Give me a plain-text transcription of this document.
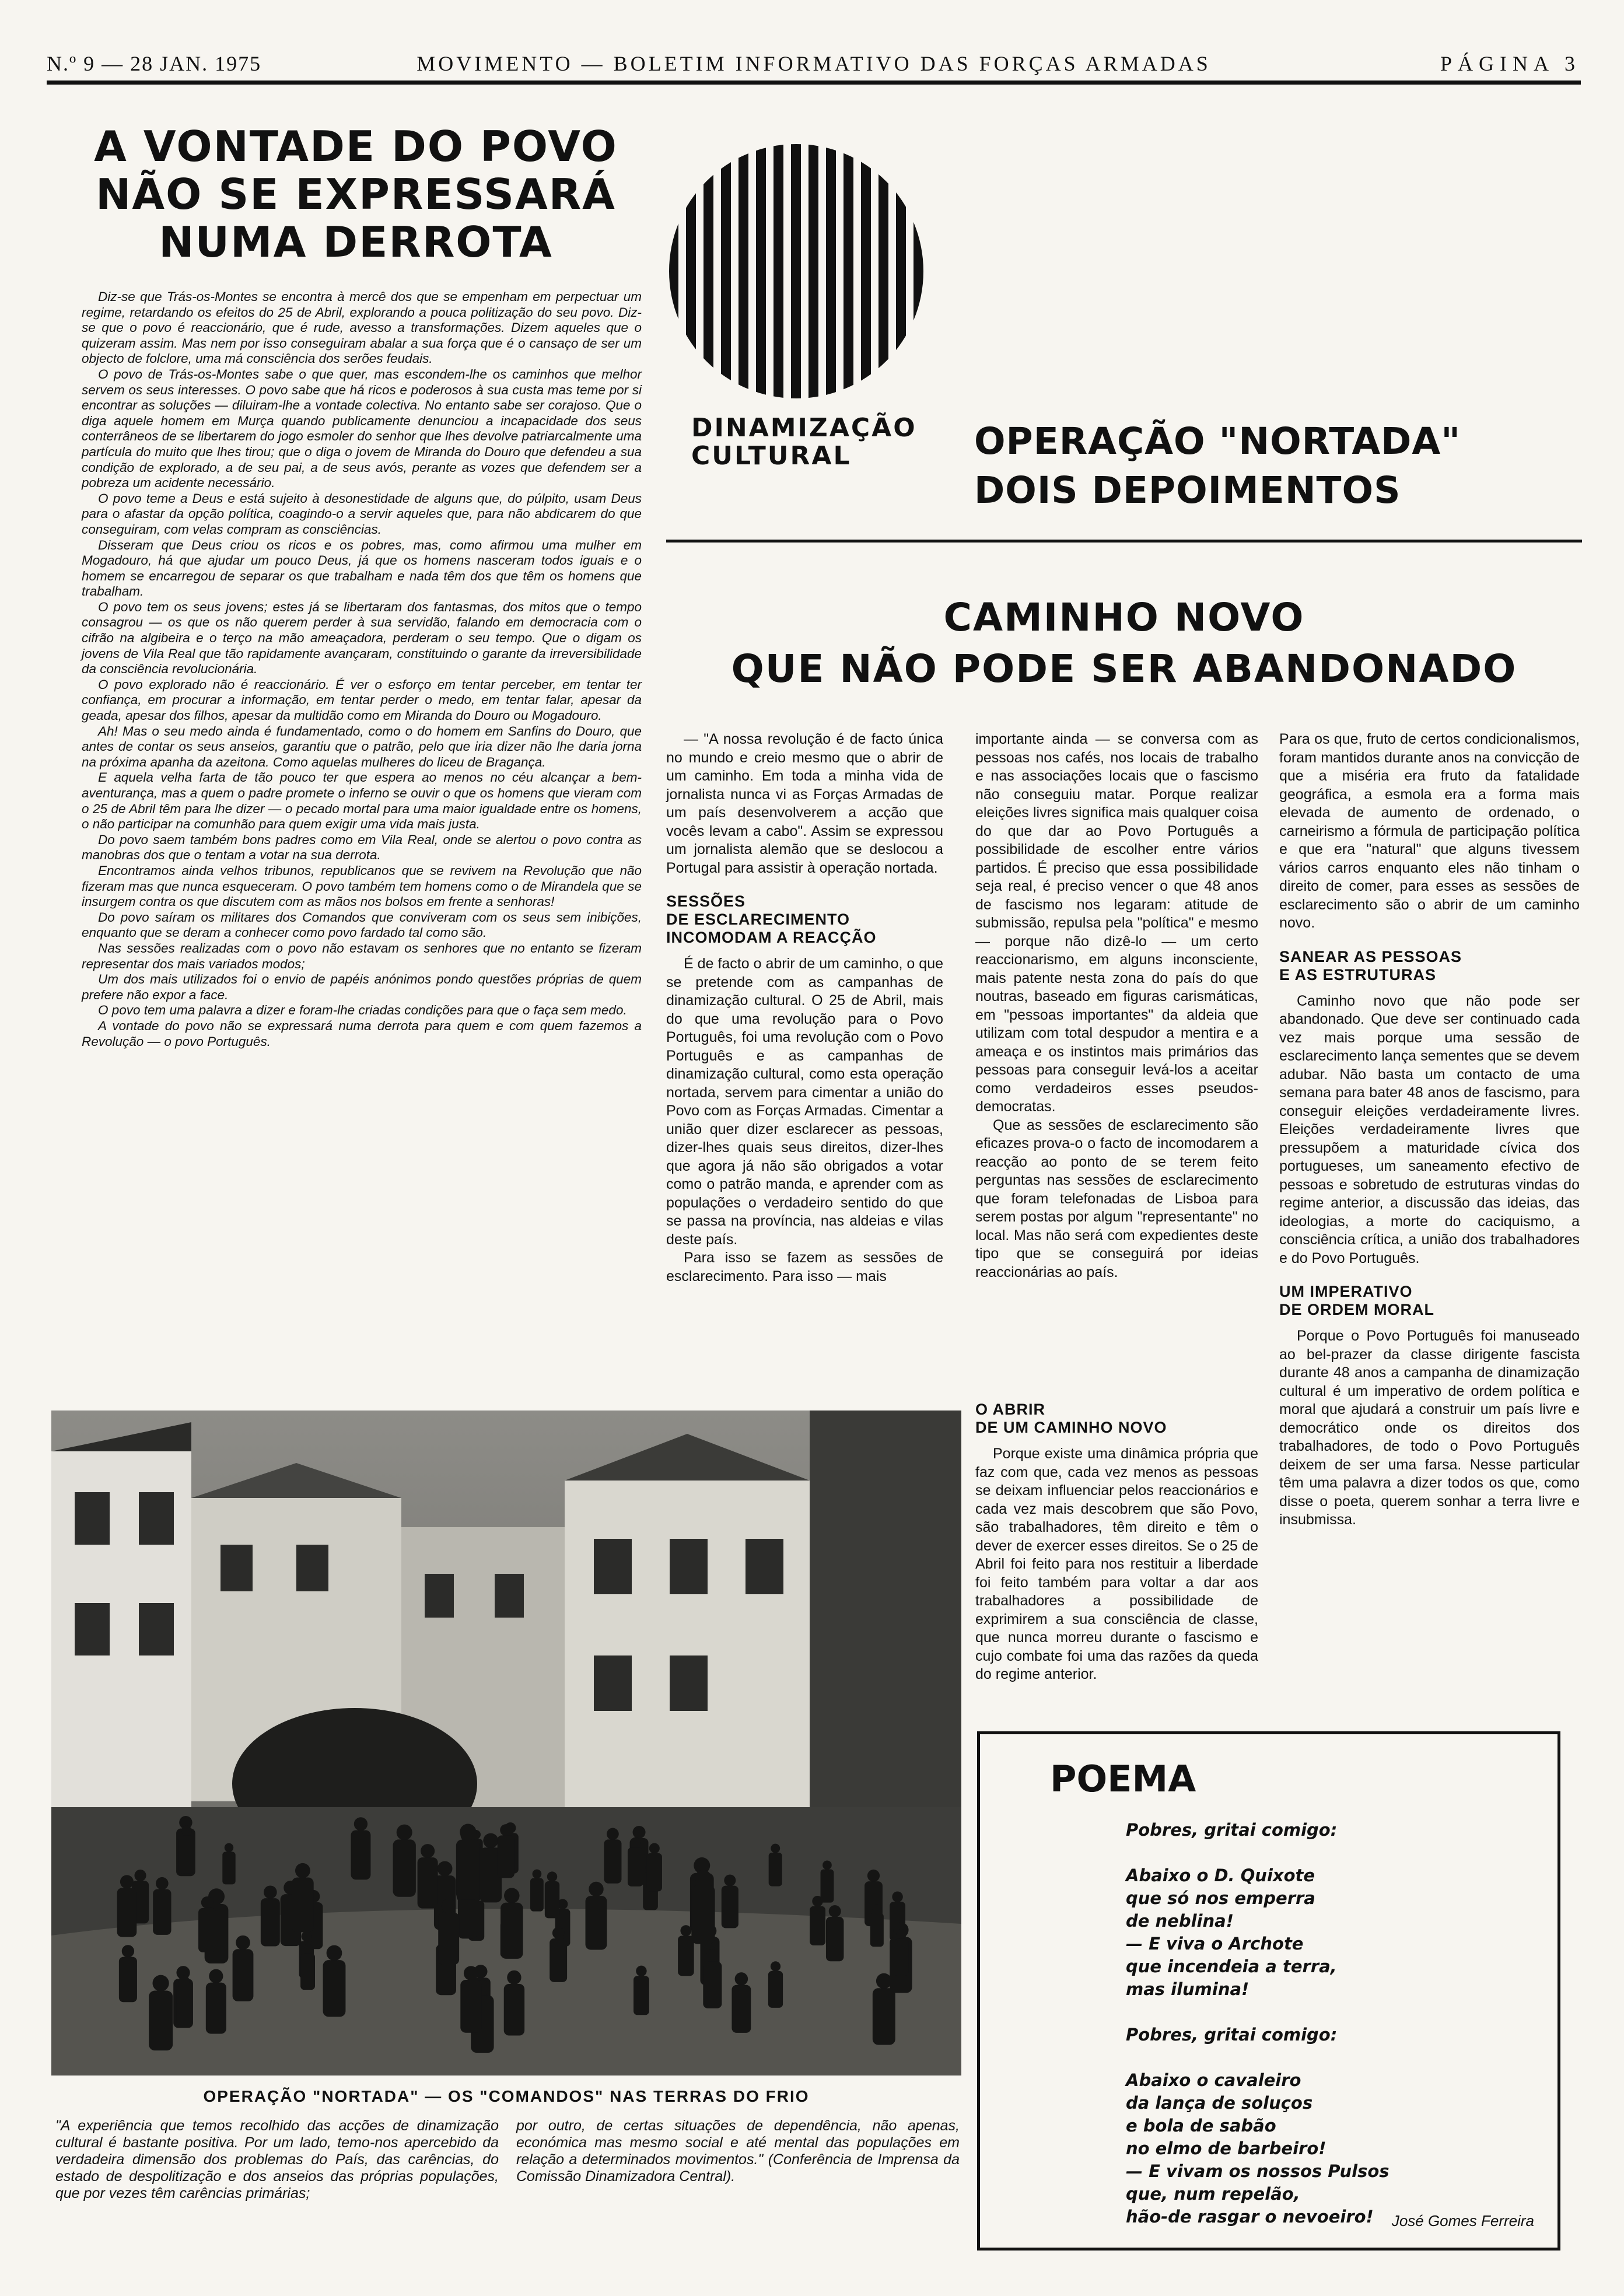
N.º 9 — 28 JAN. 1975	MOVIMENTO — BOLETIM INFORMATIVO DAS FORÇAS ARMADAS	PÁGINA 3
A VONTADE DO POVO
NÃO SE EXPRESSARÁ
NUMA DERROTA

Diz-se que Trás-os-Montes se encontra à mercê dos que se empenham em perpectuar um regime, retardando os efeitos do 25 de Abril, explorando a pouca politização do seu povo. Diz-se que o povo é reaccionário, que é rude, avesso a transformações. Dizem aqueles que o quizeram assim. Mas nem por isso conseguiram abalar a sua força que é o cansaço de ser um objecto de folclore, uma má consciência dos serões feudais.

O povo de Trás-os-Montes sabe o que quer, mas escondem-lhe os caminhos que melhor servem os seus interesses. O povo sabe que há ricos e poderosos à sua custa mas teme por si encontrar as soluções — diluiram-lhe a vontade colectiva. No entanto sabe ser corajoso. Que o diga aquele homem em Murça quando publicamente denunciou a incapacidade dos seus conterrâneos de se libertarem do jogo esmoler do senhor que lhes devolve patriarcalmente uma partícula do muito que lhes tirou; que o diga o jovem de Miranda do Douro que defendeu a sua condição de explorado, a de seu pai, a de seus avós, perante as vozes que defendem ser a pobreza um acidente necessário.

O povo teme a Deus e está sujeito à desonestidade de alguns que, do púlpito, usam Deus para o afastar da opção política, coagindo-o a servir aqueles que, para não abdicarem do que conseguiram, com velas compram as consciências.

Disseram que Deus criou os ricos e os pobres, mas, como afirmou uma mulher em Mogadouro, há que ajudar um pouco Deus, já que os homens nasceram todos iguais e o homem se encarregou de separar os que trabalham e nada têm dos que têm os homens que trabalham.

O povo tem os seus jovens; estes já se libertaram dos fantasmas, dos mitos que o tempo consagrou — os que os não querem perder à sua servidão, falando em democracia com o cifrão na algibeira e o terço na mão ameaçadora, perderam o seu tempo. Que o digam os jovens de Vila Real que tão rapidamente avançaram, constituindo o garante da irreversibilidade da consciência revolucionária.

O povo explorado não é reaccionário. É ver o esforço em tentar perceber, em tentar ter confiança, em procurar a informação, em tentar perder o medo, em tentar falar, apesar da geada, apesar dos filhos, apesar da multidão como em Miranda do Douro ou Mogadouro.

Ah! Mas o seu medo ainda é fundamentado, como o do homem em Sanfins do Douro, que antes de contar os seus anseios, garantiu que o patrão, pelo que iria dizer não lhe daria jorna na próxima apanha da azeitona. Como aquelas mulheres do liceu de Bragança.

E aquela velha farta de tão pouco ter que espera ao menos no céu alcançar a bem-aventurança, mas a quem o padre promete o inferno se ouvir o que os homens que vieram com o 25 de Abril têm para lhe dizer — o pecado mortal para uma maior igualdade entre os homens, o não participar na comunhão para quem exigir uma vida mais justa.

Do povo saem também bons padres como em Vila Real, onde se alertou o povo contra as manobras dos que o tentam a votar na sua derrota.

Encontramos ainda velhos tribunos, republicanos que se revivem na Revolução que não fizeram mas que nunca esqueceram. O povo também tem homens como o de Mirandela que se insurgem contra os que discutem com as mãos nos bolsos em frente a senhoras!

Do povo saíram os militares dos Comandos que conviveram com os seus sem inibições, enquanto que se deram a conhecer como povo fardado tal como são.

Nas sessões realizadas com o povo não estavam os senhores que no entanto se fizeram representar dos mais variados modos;

Um dos mais utilizados foi o envio de papéis anónimos pondo questões próprias de quem prefere não expor a face.

O povo tem uma palavra a dizer e foram-lhe criadas condições para que o faça sem medo.

A vontade do povo não se expressará numa derrota para quem e com quem fazemos a Revolução — o povo Português.

DINAMIZAÇÃO
CULTURAL	OPERAÇÃO "NORTADA"
DOIS DEPOIMENTOS
CAMINHO NOVO
QUE NÃO PODE SER ABANDONADO

— "A nossa revolução é de facto única no mundo e creio mesmo que o abrir de um caminho. Em toda a minha vida de jornalista nunca vi as Forças Armadas de um país desenvolverem a acção que vocês levam a cabo". Assim se expressou um jornalista alemão que se deslocou a Portugal para assistir à operação nortada.

SESSÕES
DE ESCLARECIMENTO
INCOMODAM A REACÇÃO

É de facto o abrir de um caminho, o que se pretende com as campanhas de dinamização cultural. O 25 de Abril, mais do que uma revolução para o Povo Português, foi uma revolução com o Povo Português e as campanhas de dinamização cultural, como esta operação nortada, servem para cimentar a união do Povo com as Forças Armadas. Cimentar a união quer dizer esclarecer as pessoas, dizer-lhes quais seus direitos, dizer-lhes que agora já não são obrigados a votar como o patrão manda, e aprender com as populações o verdadeiro sentido do que se passa na província, nas aldeias e vilas deste país.

Para isso se fazem as sessões de esclarecimento. Para isso — mais

importante ainda — se conversa com as pessoas nos cafés, nos locais de trabalho e nas associações locais que o fascismo não conseguiu matar. Porque realizar eleições livres significa mais qualquer coisa do que dar ao Povo Português a possibilidade de escolher entre vários partidos. É preciso que essa possibilidade seja real, é preciso vencer o que 48 anos de fascismo nos legaram: atitude de submissão, repulsa pela "política" e mesmo — porque não dizê-lo — um certo reaccionarismo, em alguns inconsciente, mais patente nesta zona do país do que noutras, baseado em figuras carismáticas, em "pessoas importantes" da aldeia que utilizam com total despudor a mentira e a ameaça e os instintos mais primários das pessoas para conseguir levá-los a aceitar como verdadeiros esses pseudos-democratas.

Que as sessões de esclarecimento são eficazes prova-o o facto de incomodarem a reacção ao ponto de se terem feito perguntas nas sessões de esclarecimento que foram telefonadas de Lisboa para serem postas por algum "representante" no local. Mas não será com expedientes deste tipo que se conseguirá por ideias reaccionárias ao país.

O ABRIR
DE UM CAMINHO NOVO

Porque existe uma dinâmica própria que faz com que, cada vez menos as pessoas se deixam influenciar pelos reaccionários e cada vez mais descobrem que são Povo, são trabalhadores, têm direito e têm o dever de exercer esses direitos. Se o 25 de Abril foi feito para nos restituir a liberdade foi feito também para voltar a dar aos trabalhadores a possibilidade de exprimirem a sua consciência de classe, que nunca morreu durante o fascismo e cujo combate foi uma das razões da queda do regime anterior.

Para os que, fruto de certos condicionalismos, foram mantidos durante anos na convicção de que a miséria era fruto da fatalidade geográfica, a esmola era a forma mais elevada de aumento de ordenado, o carneirismo a fórmula de participação política e que era "natural" que alguns tivessem vários carros enquanto eles não tinham o direito de comer, para esses as sessões de esclarecimento são o abrir de um caminho novo.

SANEAR AS PESSOAS
E AS ESTRUTURAS

Caminho novo que não pode ser abandonado. Que deve ser continuado cada vez mais porque uma sessão de esclarecimento lança sementes que se devem adubar. Não basta um contacto de uma semana para bater 48 anos de fascismo, para conseguir eleições verdadeiramente livres. Eleições verdadeiramente livres que pressupõem a maturidade cívica dos portugueses, um saneamento efectivo de pessoas e sobretudo de estruturas vindas do regime anterior, a discussão das ideias, das ideologias, a morte do caciquismo, a consciência crítica, a união dos trabalhadores e do Povo Português.

UM IMPERATIVO
DE ORDEM MORAL

Porque o Povo Português foi manuseado ao bel-prazer da classe dirigente fascista durante 48 anos a campanha de dinamização cultural é um imperativo de ordem política e moral que ajudará a construir um país livre e democrático onde os direitos dos trabalhadores, de todo o Povo Português deixem de ser uma farsa. Nesse particular têm uma palavra a dizer todos os que, como disse o poeta, querem sonhar a terra livre e insubmissa.

OPERAÇÃO "NORTADA" — OS "COMANDOS" NAS TERRAS DO FRIO
"A experiência que temos recolhido das acções de dinamização cultural é bastante positiva. Por um lado, temo-nos apercebido da verdadeira dimensão dos problemas do País, das carências, do estado de despolitização e dos anseios das próprias populações, que por vezes têm carências primárias;
por outro, de certas situações de dependência, não apenas, económica mas mesmo social e até mental das populações em relação a determinados movimentos." (Conferência de Imprensa da Comissão Dinamizadora Central).
POEMA
Pobres, gritai comigo:
Abaixo o D. Quixote
que só nos emperra
de neblina!
— E viva o Archote
que incendeia a terra,
mas ilumina!
Pobres, gritai comigo:
Abaixo o cavaleiro
da lança de soluços
e bola de sabão
no elmo de barbeiro!
— E vivam os nossos Pulsos
que, num repelão,
hão-de rasgar o nevoeiro!	José Gomes Ferreira
